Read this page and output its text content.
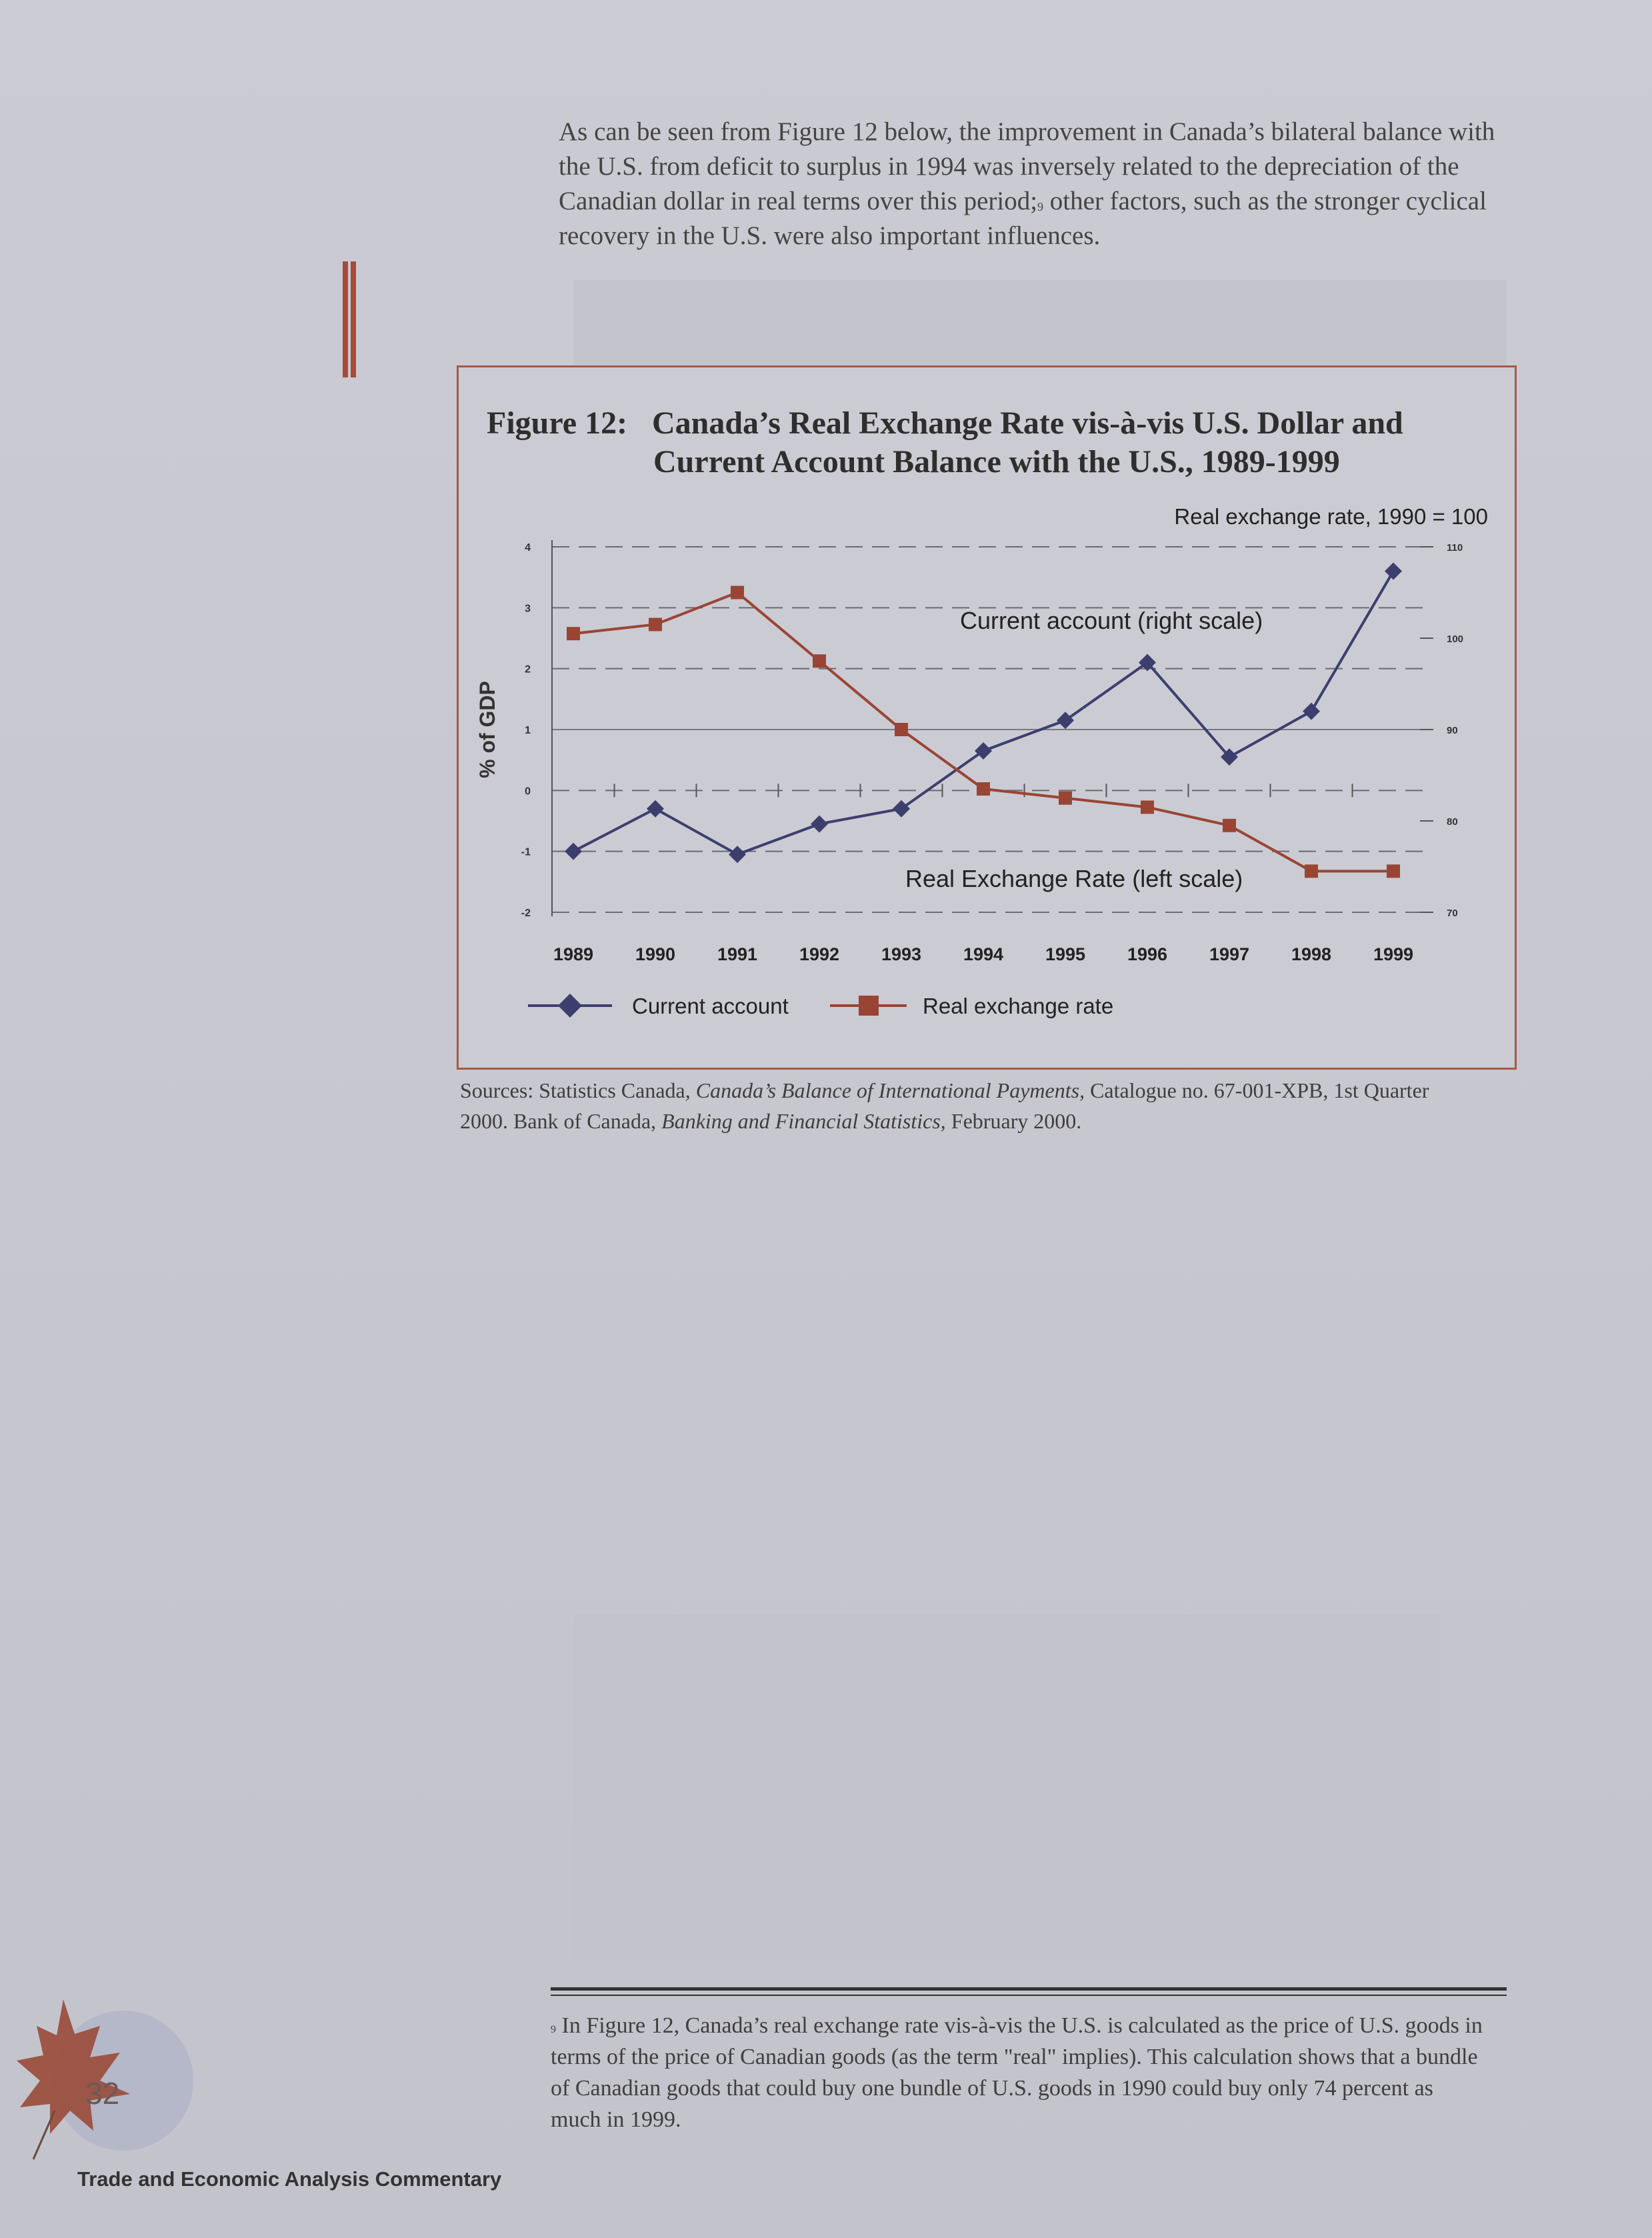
As can be seen from Figure 12 below, the improvement in Canada’s bilateral balance with the U.S. from deficit to surplus in 1994 was inversely related to the depreciation of the Canadian dollar in real terms over this period;$^9$ other factors, such as the stronger cyclical recovery in the U.S. were also important influences.

Figure 12: Canada’s Real Exchange Rate vis-à-vis U.S. Dollar and
Current Account Balance with the U.S., 1989-1999
4
3
2
1
0
-1
-2
110
100
90
80
70
1989 1990 1991 1992 1993 1994 1995 1996 1997 1998 1999
% of GDP
Real exchange rate, 1990 = 100
Current account (right scale)
Real Exchange Rate (left scale)
Current account	Real exchange rate

Sources: Statistics Canada, Canada’s Balance of International Payments, Catalogue no. 67-001-XPB, 1st Quarter 2000. Bank of Canada, Banking and Financial Statistics, February 2000.

$^9$ In Figure 12, Canada’s real exchange rate vis-à-vis the U.S. is calculated as the price of U.S. goods in terms of the price of Canadian goods (as the term "real" implies). This calculation shows that a bundle of Canadian goods that could buy one bundle of U.S. goods in 1990 could buy only 74 percent as much in 1999.

32
Trade and Economic Analysis Commentary
